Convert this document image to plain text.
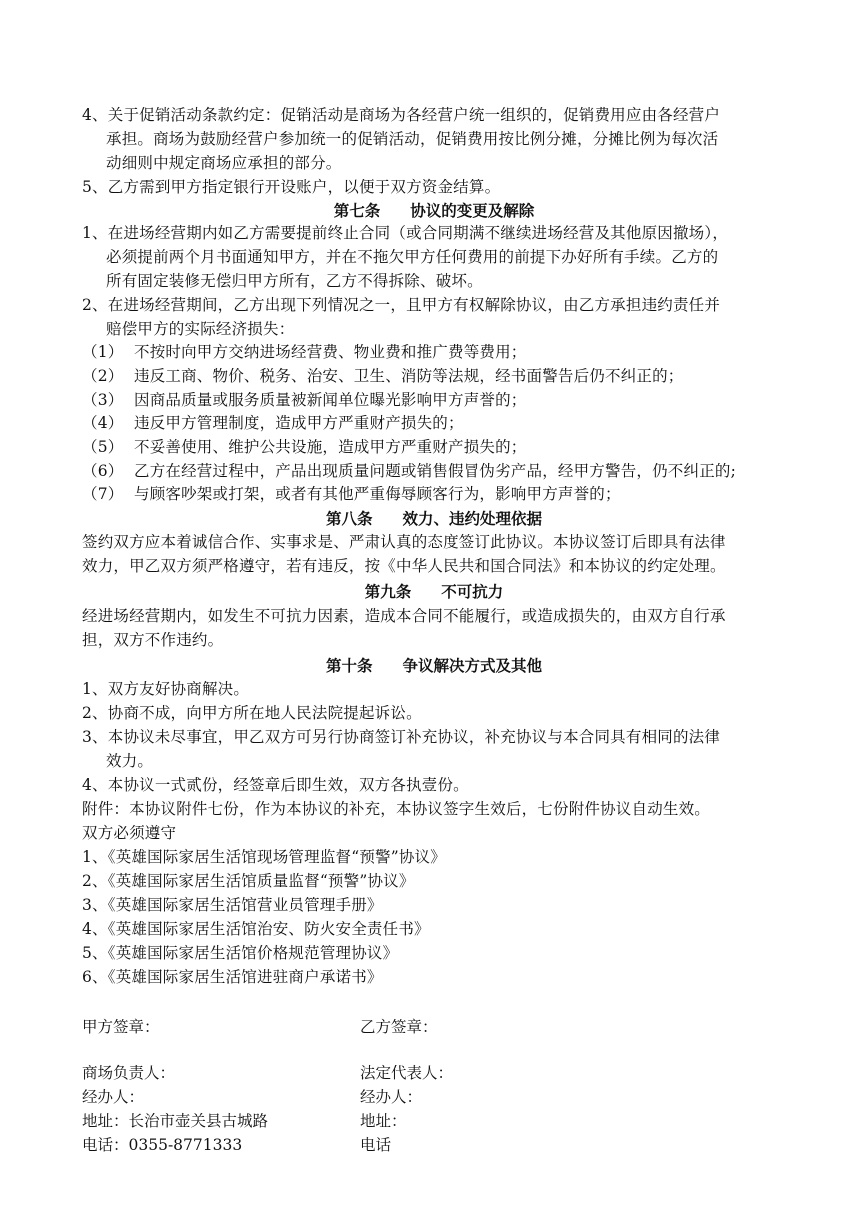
4、关于促销活动条款约定：促销活动是商场为各经营户统一组织的，促销费用应由各经营户
承担。商场为鼓励经营户参加统一的促销活动，促销费用按比例分摊，分摊比例为每次活
动细则中规定商场应承担的部分。
5、乙方需到甲方指定银行开设账户，以便于双方资金结算。
第七条 协议的变更及解除
1、在进场经营期内如乙方需要提前终止合同（或合同期满不继续进场经营及其他原因撤场），
必须提前两个月书面通知甲方，并在不拖欠甲方任何费用的前提下办好所有手续。乙方的
所有固定装修无偿归甲方所有，乙方不得拆除、破坏。
2、在进场经营期间，乙方出现下列情况之一，且甲方有权解除协议，由乙方承担违约责任并
赔偿甲方的实际经济损失：
（1） 不按时向甲方交纳进场经营费、物业费和推广费等费用；
（2） 违反工商、物价、税务、治安、卫生、消防等法规，经书面警告后仍不纠正的；
（3） 因商品质量或服务质量被新闻单位曝光影响甲方声誉的；
（4） 违反甲方管理制度，造成甲方严重财产损失的；
（5） 不妥善使用、维护公共设施，造成甲方严重财产损失的；
（6） 乙方在经营过程中，产品出现质量问题或销售假冒伪劣产品，经甲方警告，仍不纠正的;
（7） 与顾客吵架或打架，或者有其他严重侮辱顾客行为，影响甲方声誉的；
第八条 效力、违约处理依据
签约双方应本着诚信合作、实事求是、严肃认真的态度签订此协议。本协议签订后即具有法律
效力，甲乙双方须严格遵守，若有违反，按《中华人民共和国合同法》和本协议的约定处理。
第九条 不可抗力
经进场经营期内，如发生不可抗力因素，造成本合同不能履行，或造成损失的，由双方自行承
担，双方不作违约。
第十条 争议解决方式及其他
1、双方友好协商解决。
2、协商不成，向甲方所在地人民法院提起诉讼。
3、本协议未尽事宜，甲乙双方可另行协商签订补充协议，补充协议与本合同具有相同的法律
效力。
4、本协议一式贰份，经签章后即生效，双方各执壹份。
附件：本协议附件七份，作为本协议的补充，本协议签字生效后，七份附件协议自动生效。
双方必须遵守
1、《英雄国际家居生活馆现场管理监督“预警”协议》
2、《英雄国际家居生活馆质量监督“预警”协议》
3、《英雄国际家居生活馆营业员管理手册》
4、《英雄国际家居生活馆治安、防火安全责任书》
5、《英雄国际家居生活馆价格规范管理协议》
6、《英雄国际家居生活馆进驻商户承诺书》
甲方签章：	乙方签章：
商场负责人：	法定代表人：
经办人：	经办人：
地址：长治市壶关县古城路	地址：
电话：0355-8771333	电话
